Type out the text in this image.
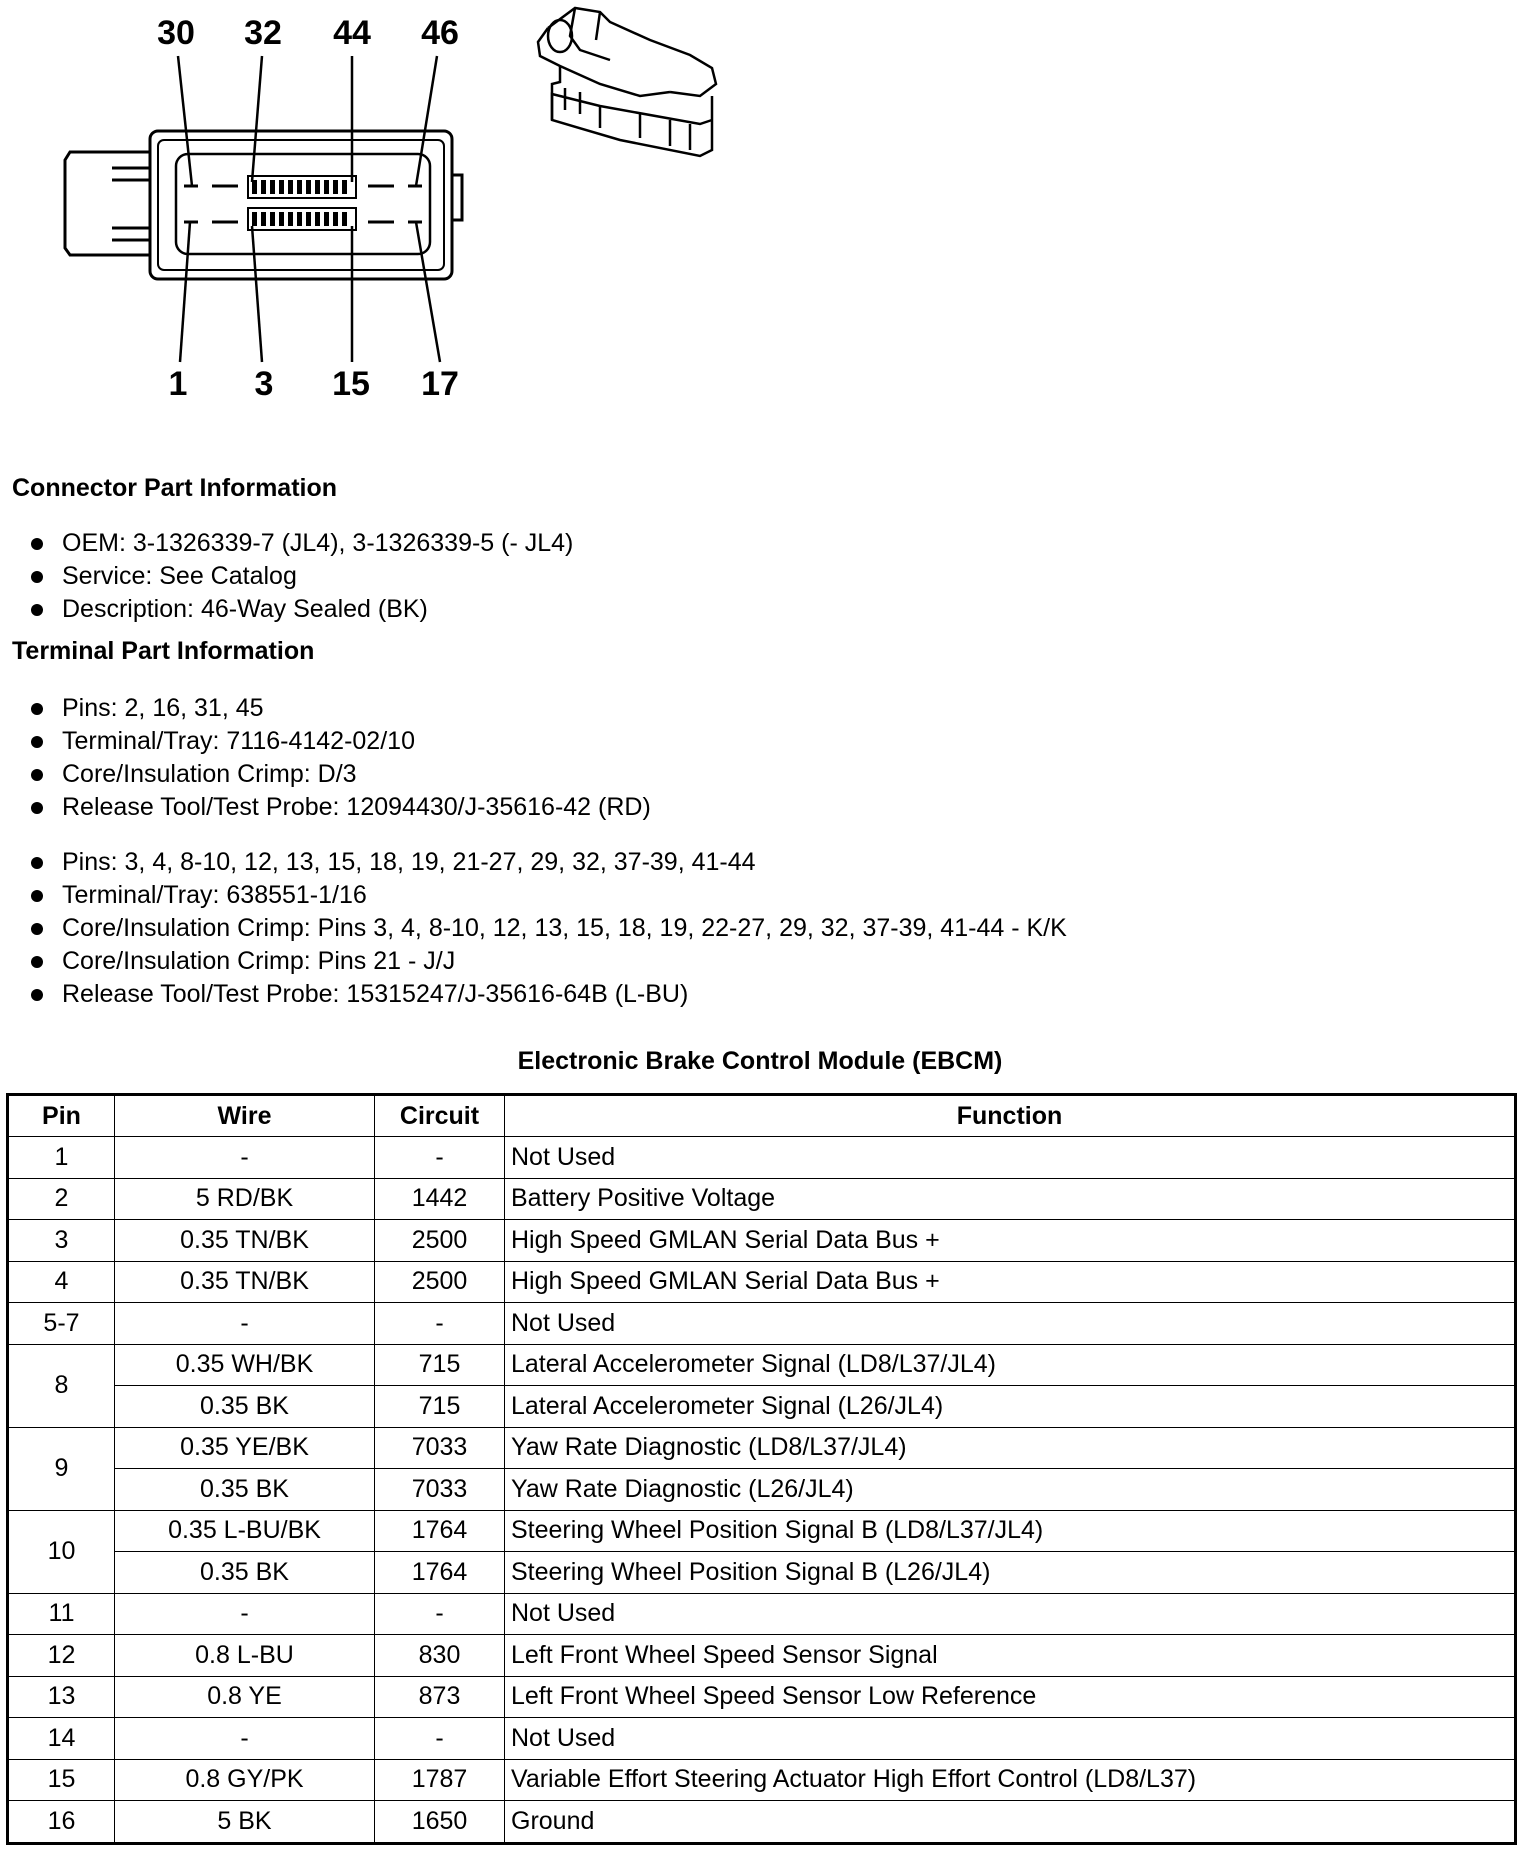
30 32 44 46
1 3 15 17
Connector Part Information
OEM: 3-1326339-7 (JL4), 3-1326339-5 (- JL4)
Service: See Catalog
Description: 46-Way Sealed (BK)
Terminal Part Information
Pins: 2, 16, 31, 45
Terminal/Tray: 7116-4142-02/10
Core/Insulation Crimp: D/3
Release Tool/Test Probe: 12094430/J-35616-42 (RD)
Pins: 3, 4, 8-10, 12, 13, 15, 18, 19, 21-27, 29, 32, 37-39, 41-44
Terminal/Tray: 638551-1/16
Core/Insulation Crimp: Pins 3, 4, 8-10, 12, 13, 15, 18, 19, 22-27, 29, 32, 37-39, 41-44 - K/K
Core/Insulation Crimp: Pins 21 - J/J
Release Tool/Test Probe: 15315247/J-35616-64B (L-BU)
Electronic Brake Control Module (EBCM)
Pin	Wire	Circuit	Function
1	-	-	Not Used
2	5 RD/BK	1442	Battery Positive Voltage
3	0.35 TN/BK	2500	High Speed GMLAN Serial Data Bus +
4	0.35 TN/BK	2500	High Speed GMLAN Serial Data Bus +
5-7	-	-	Not Used
8	0.35 WH/BK	715	Lateral Accelerometer Signal (LD8/L37/JL4)
	0.35 BK	715	Lateral Accelerometer Signal (L26/JL4)
9	0.35 YE/BK	7033	Yaw Rate Diagnostic (LD8/L37/JL4)
	0.35 BK	7033	Yaw Rate Diagnostic (L26/JL4)
10	0.35 L-BU/BK	1764	Steering Wheel Position Signal B (LD8/L37/JL4)
	0.35 BK	1764	Steering Wheel Position Signal B (L26/JL4)
11	-	-	Not Used
12	0.8 L-BU	830	Left Front Wheel Speed Sensor Signal
13	0.8 YE	873	Left Front Wheel Speed Sensor Low Reference
14	-	-	Not Used
15	0.8 GY/PK	1787	Variable Effort Steering Actuator High Effort Control (LD8/L37)
16	5 BK	1650	Ground
